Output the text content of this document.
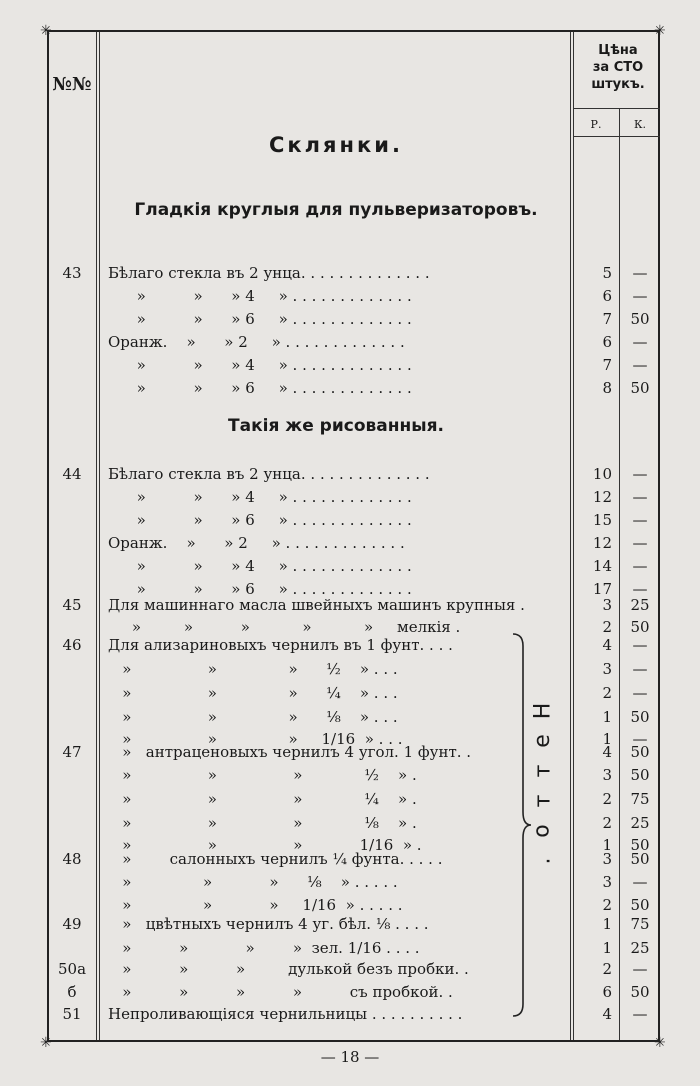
✳	✳
✳	✳
№№
Цѣна
за СТО
штукъ.
Р.	К.
Склянки.
Гладкія круглыя для пульверизаторовъ.
Такія же рисованныя.
43	Бѣлаго стекла въ 2 унца. . . . . . . . . . . . . .	5	—
»          »      » 4     » . . . . . . . . . . . . .	6	—
»          »      » 6     » . . . . . . . . . . . . .	7	50
Оранж.    »      » 2     » . . . . . . . . . . . . .	6	—
»          »      » 4     » . . . . . . . . . . . . .	7	—
»          »      » 6     » . . . . . . . . . . . . .	8	50
44	Бѣлаго стекла въ 2 унца. . . . . . . . . . . . . .	10	—
»          »      » 4     » . . . . . . . . . . . . .	12	—
»          »      » 6     » . . . . . . . . . . . . .	15	—
Оранж.    »      » 2     » . . . . . . . . . . . . .	12	—
»          »      » 4     » . . . . . . . . . . . . .	14	—
»          »      » 6     » . . . . . . . . . . . . .	17	—
45	Для машиннаго масла швейныхъ машинъ крупныя .	3	25
»         »          »           »           »     мелкія .	2	50
46	Для ализариновыхъ чернилъ въ 1 фунт. . . .	4	—
»                »               »      ½    » . . .	3	—
»                »               »      ¼    » . . .	2	—
»                »               »      ⅛    » . . .	1	50
»                »               »     1/16  » . . .	1	—
47	»   антраценовыхъ чернилъ 4 угол. 1 фунт. .	4	50
»                »                »             ½    » .	3	50
»                »                »             ¼    » .	2	75
»                »                »             ⅛    » .	2	25
»                »                »            1/16  » .	1	50
48	»        салонныхъ чернилъ ¼ фунта. . . . .	3	50
»               »            »      ⅛    » . . . . .	3	—
»               »            »     1/16  » . . . . .	2	50
49	»   цвѣтныхъ чернилъ 4 уг. бѣл. ⅛ . . . .	1	75
»          »            »        »  зел. 1/16 . . . .	1	25
50а	»          »          »         дулькой безъ пробки. .	2	—
б	»          »          »          »          съ пробкой. .	6	50
51	Непроливающіяся чернильницы . . . . . . . . . .	4	—
Н
е
т
т
о
.
— 18 —
